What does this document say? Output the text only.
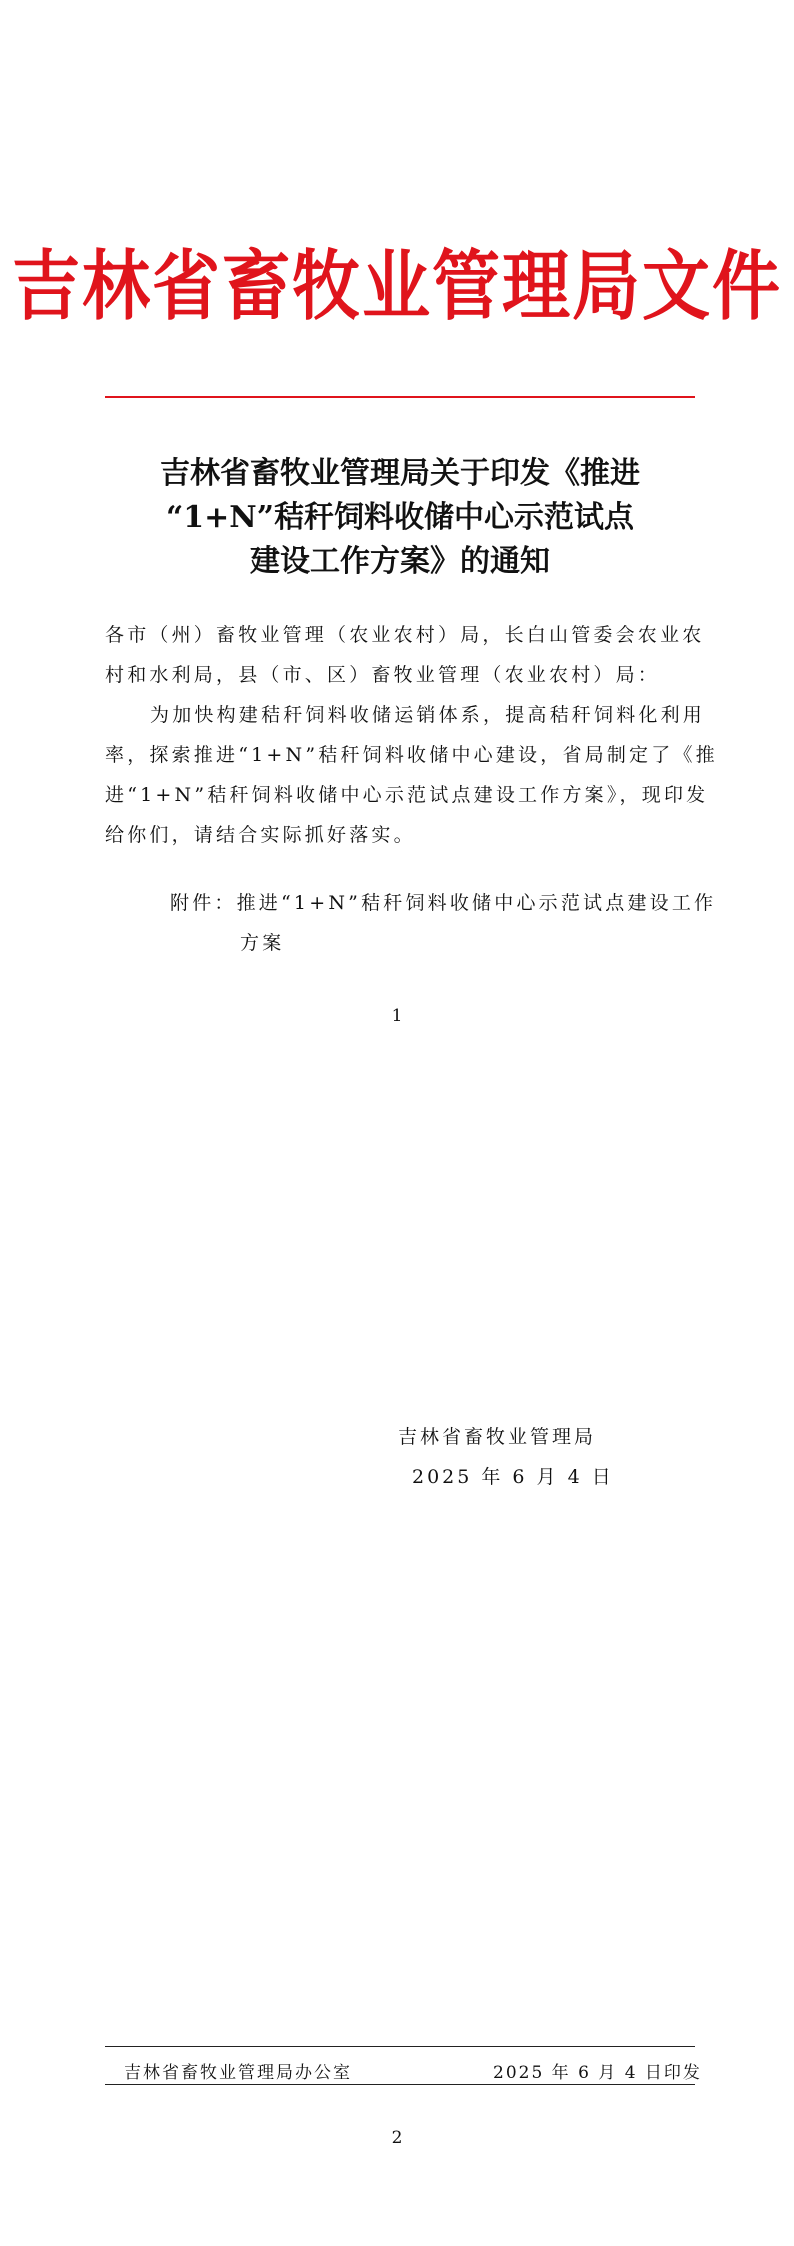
吉林省畜牧业管理局文件
吉林省畜牧业管理局关于印发《推进
“1+N”秸秆饲料收储中心示范试点
建设工作方案》的通知
各市（州）畜牧业管理（农业农村）局，长白山管委会农业农
村和水利局，县（市、区）畜牧业管理（农业农村）局：
为加快构建秸秆饲料收储运销体系，提高秸秆饲料化利用
率，探索推进“1+N”秸秆饲料收储中心建设，省局制定了《推
进“1+N”秸秆饲料收储中心示范试点建设工作方案》，现印发
给你们，请结合实际抓好落实。
附件：推进“1+N”秸秆饲料收储中心示范试点建设工作
方案
1
吉林省畜牧业管理局
2025 年 6 月 4 日
吉林省畜牧业管理局办公室	2025 年 6 月 4 日印发
2
